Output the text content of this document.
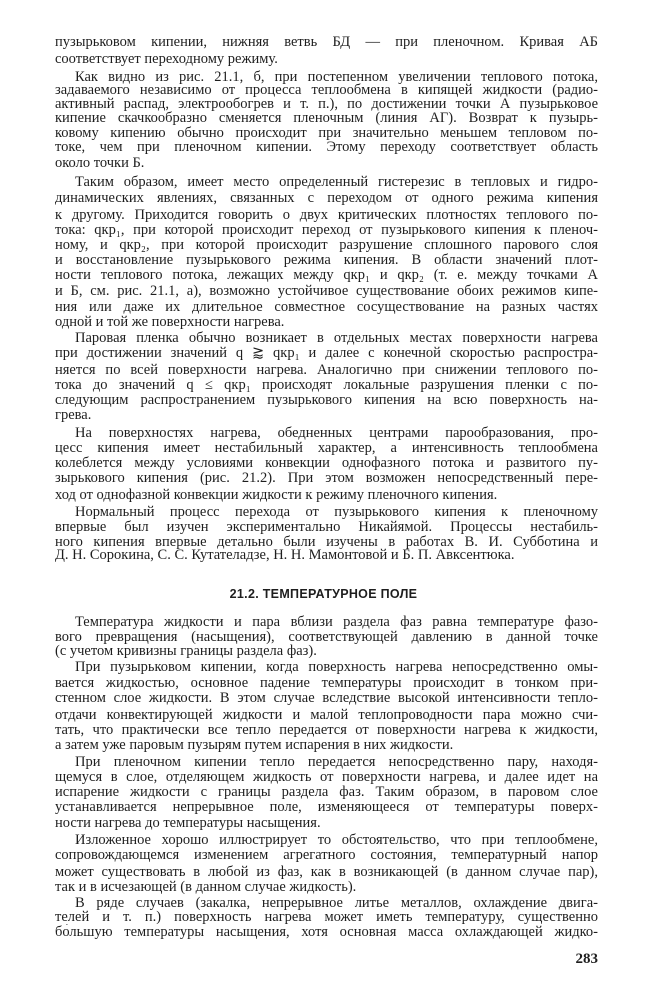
пузырьковом кипении, нижняя ветвь БД — при пленочном. Кривая АБ
соответствует переходному режиму.
Как видно из рис. 21.1, б, при постепенном увеличении теплового потока,
задаваемого независимо от процесса теплообмена в кипящей жидкости (радио-
активный распад, электрообогрев и т. п.), по достижении точки А пузырьковое
кипение скачкообразно сменяется пленочным (линия АГ). Возврат к пузырь-
ковому кипению обычно происходит при значительно меньшем тепловом по-
токе, чем при пленочном кипении. Этому переходу соответствует область
около точки Б.
Таким образом, имеет место определенный гистерезис в тепловых и гидро-
динамических явлениях, связанных с переходом от одного режима кипения
к другому. Приходится говорить о двух критических плотностях теплового по-
тока: qкр₁, при которой происходит переход от пузырькового кипения к пленоч-
ному, и qкр₂, при которой происходит разрушение сплошного парового слоя
и восстановление пузырькового режима кипения. В области значений плот-
ности теплового потока, лежащих между qкр₁ и qкр₂ (т. е. между точками А
и Б, см. рис. 21.1, а), возможно устойчивое существование обоих режимов кипе-
ния или даже их длительное совместное сосуществование на разных частях
одной и той же поверхности нагрева.
Паровая пленка обычно возникает в отдельных местах поверхности нагрева
при достижении значений q ⪆ qкр₁ и далее с конечной скоростью распростра-
няется по всей поверхности нагрева. Аналогично при снижении теплового по-
тока до значений q ≤ qкр₁ происходят локальные разрушения пленки с по-
следующим распространением пузырькового кипения на всю поверхность на-
грева.
На поверхностях нагрева, обедненных центрами парообразования, про-
цесс кипения имеет нестабильный характер, а интенсивность теплообмена
колеблется между условиями конвекции однофазного потока и развитого пу-
зырькового кипения (рис. 21.2). При этом возможен непосредственный пере-
ход от однофазной конвекции жидкости к режиму пленочного кипения.
Нормальный процесс перехода от пузырькового кипения к пленочному
впервые был изучен экспериментально Никайямой. Процессы нестабиль-
ного кипения впервые детально были изучены в работах В. И. Субботина и
Д. Н. Сорокина, С. С. Кутателадзе, Н. Н. Мамонтовой и Б. П. Авксентюка.
21.2. ТЕМПЕРАТУРНОЕ ПОЛЕ
Температура жидкости и пара вблизи раздела фаз равна температуре фазо-
вого превращения (насыщения), соответствующей давлению в данной точке
(с учетом кривизны границы раздела фаз).
При пузырьковом кипении, когда поверхность нагрева непосредственно омы-
вается жидкостью, основное падение температуры происходит в тонком при-
стенном слое жидкости. В этом случае вследствие высокой интенсивности тепло-
отдачи конвектирующей жидкости и малой теплопроводности пара можно счи-
тать, что практически все тепло передается от поверхности нагрева к жидкости,
а затем уже паровым пузырям путем испарения в них жидкости.
При пленочном кипении тепло передается непосредственно пару, находя-
щемуся в слое, отделяющем жидкость от поверхности нагрева, и далее идет на
испарение жидкости с границы раздела фаз. Таким образом, в паровом слое
устанавливается непрерывное поле, изменяющееся от температуры поверх-
ности нагрева до температуры насыщения.
Изложенное хорошо иллюстрирует то обстоятельство, что при теплообмене,
сопровождающемся изменением агрегатного состояния, температурный напор
может существовать в любой из фаз, как в возникающей (в данном случае пар),
так и в исчезающей (в данном случае жидкость).
В ряде случаев (закалка, непрерывное литье металлов, охлаждение двига-
телей и т. п.) поверхность нагрева может иметь температуру, существенно
бо́льшую температуры насыщения, хотя основная масса охлаждающей жидко-
283
